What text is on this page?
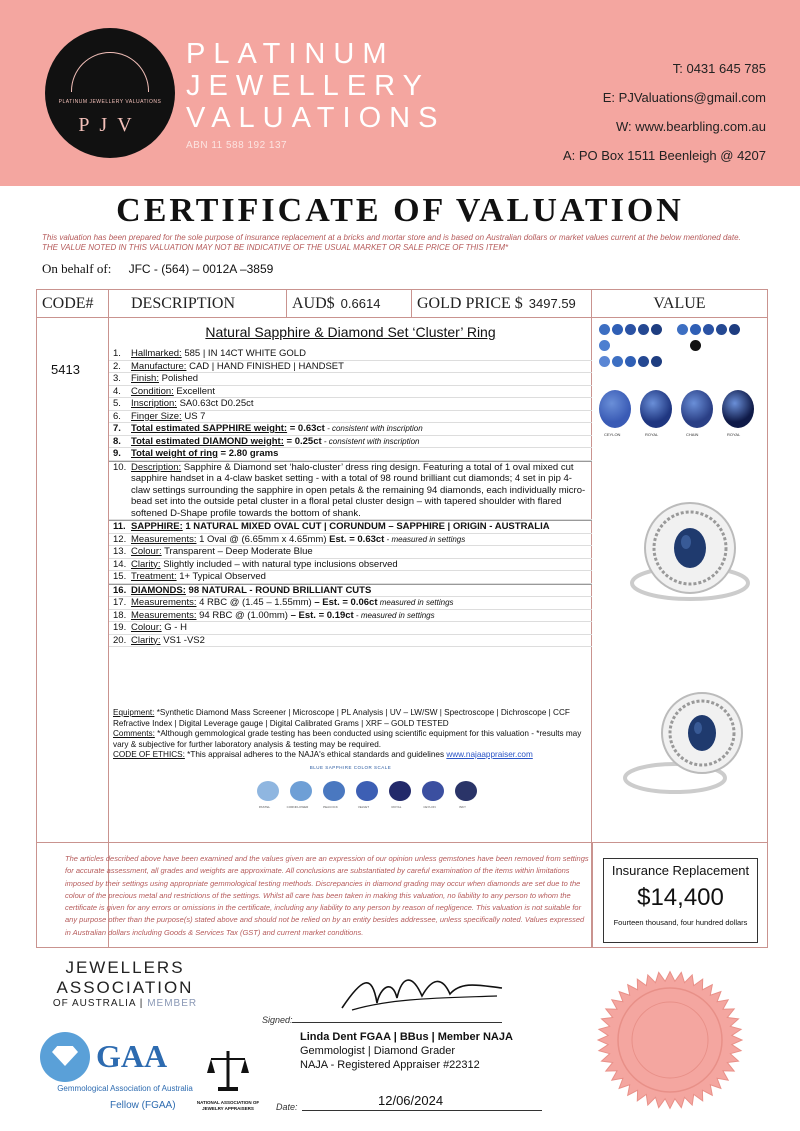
PLATINUM JEWELLERY VALUATIONS
PJV
PLATINUM
JEWELLERY
VALUATIONS
ABN 11 588 192 137
T: 0431 645 785
E: PJValuations@gmail.com
W: www.bearbling.com.au
A: PO Box 1511 Beenleigh @ 4207
CERTIFICATE OF VALUATION
This valuation has been prepared for the sole purpose of insurance replacement at a bricks and mortar store and is based on Australian dollars or market values current at the below mentioned date.
THE VALUE NOTED IN THIS VALUATION MAY NOT BE INDICATIVE OF THE USUAL MARKET OR SALE PRICE OF THIS ITEM*
On behalf of: JFC - (564) – 0012A –3859
CODE#	DESCRIPTION	AUD$ 0.6614	GOLD PRICE $ 3497.59	VALUE
5413
Natural Sapphire & Diamond Set ‘Cluster’ Ring
1.	Hallmarked: 585 | IN 14CT WHITE GOLD
2.	Manufacture: CAD | HAND FINISHED | HANDSET
3.	Finish: Polished
4.	Condition: Excellent
5.	Inscription: SA0.63ct D0.25ct
6.	Finger Size: US 7
7.	Total estimated SAPPHIRE weight: = 0.63ct - consistent with inscription
8.	Total estimated DIAMOND weight: = 0.25ct - consistent with inscription
9.	Total weight of ring = 2.80 grams
10. Description: Sapphire & Diamond set ‘halo-cluster’ dress ring design. Featuring a total of 1 oval mixed cut sapphire handset in a 4-claw basket setting - with a total of 98 round brilliant cut diamonds; 4 set in pip 4-claw settings surrounding the sapphire in open petals & the remaining 94 diamonds, each individually micro-bead set into the outside petal cluster in a floral petal cluster design – with tapered shoulder with flared softened D-Shape profile towards the bottom of shank.
11. SAPPHIRE: 1 NATURAL MIXED OVAL CUT | CORUNDUM – SAPPHIRE | ORIGIN - AUSTRALIA
12. Measurements: 1 Oval @ (6.65mm x 4.65mm) Est. = 0.63ct - measured in settings
13. Colour: Transparent – Deep Moderate Blue
14. Clarity: Slightly included – with natural type inclusions observed
15. Treatment: 1+ Typical Observed
16. DIAMONDS: 98 NATURAL - ROUND BRILLIANT CUTS
17. Measurements: 4 RBC @ (1.45 – 1.55mm) – Est. = 0.06ct measured in settings
18. Measurements: 94 RBC @ (1.00mm) – Est. = 0.19ct - measured in settings
19. Colour: G - H
20. Clarity: VS1 -VS2
Equipment: *Synthetic Diamond Mass Screener | Microscope | PL Analysis | UV – LW/SW | Spectroscope | Dichroscope | CCF Refractive Index | Digital Leverage gauge | Digital Calibrated Grams | XRF – GOLD TESTED
Comments: *Although gemmological grade testing has been conducted using scientific equipment for this valuation - *results may vary & subjective for further laboratory analysis & testing may be required.
CODE OF ETHICS: *This appraisal adheres to the NAJA's ethical standards and guidelines www.najaappraiser.com
BLUE SAPPHIRE COLOR SCALE
PASTEL	CORNFLOWER	PEACOCK	VELVET	ROYAL	CEYLON	INKY
CEYLON	ROYAL	CHAIN	ROYAL
The articles described above have been examined and the values given are an expression of our opinion unless gemstones have been removed from settings for accurate assessment, all grades and weights are approximate. All conclusions are substantiated by careful examination of the items within limitations imposed by their settings using appropriate gemmological testing methods. Discrepancies in diamond grading may occur when diamonds are set due to the colour of the precious metal and restrictions of the settings. Whilst all care has been taken in making this valuation, no liability to any person to whom the certificate is given for any errors or omissions in the certificate, including any liability to any person by reason of negligence. This valuation is not suitable for any purpose other than the purpose(s) stated above and should not be relied on by an entity besides addressee, unless specifically noted. Values expressed in Australian dollars including Goods & Services Tax (GST) and current market conditions.
Insurance Replacement
$14,400
Fourteen thousand, four hundred dollars
JEWELLERS
ASSOCIATION
OF AUSTRALIA | MEMBER
GAA
Gemmological Association of Australia
Fellow (FGAA)	NATIONAL ASSOCIATION OF JEWELRY APPRAISERS
Signed:
Linda Dent FGAA | BBus | Member NAJA
Gemmologist | Diamond Grader
NAJA - Registered Appraiser #22312
Date:	12/06/2024
